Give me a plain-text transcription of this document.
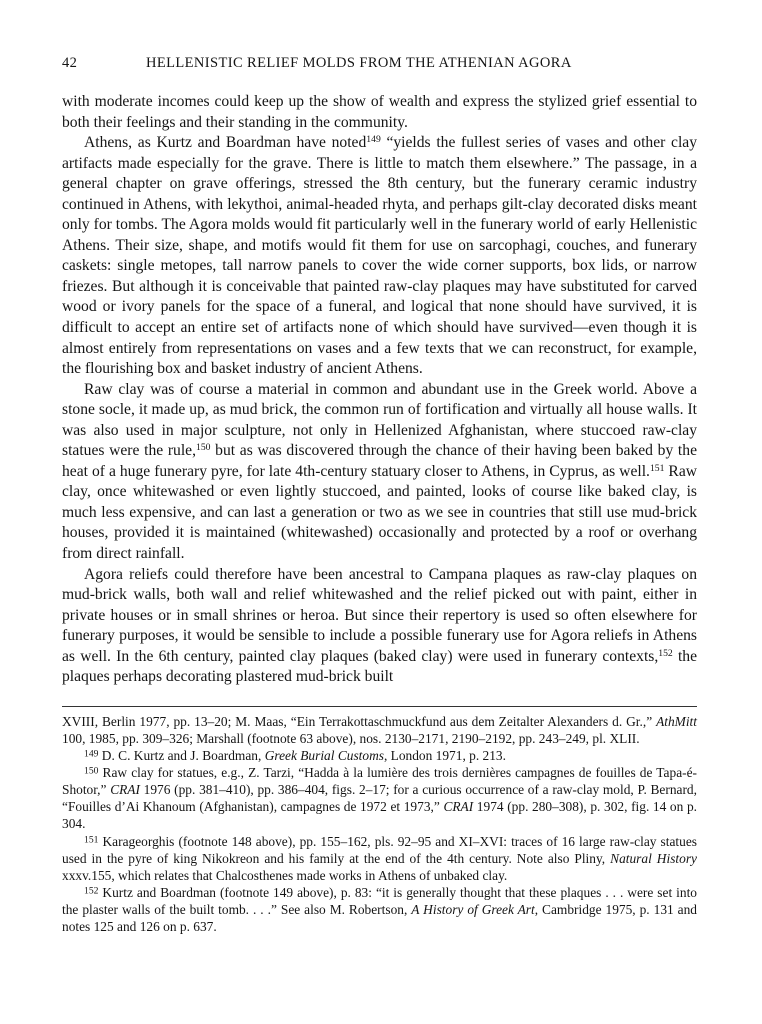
42	HELLENISTIC RELIEF MOLDS FROM THE ATHENIAN AGORA

with moderate incomes could keep up the show of wealth and express the stylized grief essential to both their feelings and their standing in the community.

Athens, as Kurtz and Boardman have noted$^{149}$ “yields the fullest series of vases and other clay artifacts made especially for the grave. There is little to match them elsewhere.” The passage, in a general chapter on grave offerings, stressed the 8th century, but the funerary ceramic industry continued in Athens, with lekythoi, animal-headed rhyta, and perhaps gilt-clay decorated disks meant only for tombs. The Agora molds would fit particularly well in the funerary world of early Hellenistic Athens. Their size, shape, and motifs would fit them for use on sarcophagi, couches, and funerary caskets: single metopes, tall narrow panels to cover the wide corner supports, box lids, or narrow friezes. But although it is conceivable that painted raw-clay plaques may have substituted for carved wood or ivory panels for the space of a funeral, and logical that none should have survived, it is difficult to accept an entire set of artifacts none of which should have survived—even though it is almost entirely from representations on vases and a few texts that we can reconstruct, for example, the flourishing box and basket industry of ancient Athens.

Raw clay was of course a material in common and abundant use in the Greek world. Above a stone socle, it made up, as mud brick, the common run of fortification and virtually all house walls. It was also used in major sculpture, not only in Hellenized Afghanistan, where stuccoed raw-clay statues were the rule,$^{150}$ but as was discovered through the chance of their having been baked by the heat of a huge funerary pyre, for late 4th-century statuary closer to Athens, in Cyprus, as well.$^{151}$ Raw clay, once whitewashed or even lightly stuccoed, and painted, looks of course like baked clay, is much less expensive, and can last a generation or two as we see in countries that still use mud-brick houses, provided it is maintained (whitewashed) occasionally and protected by a roof or overhang from direct rainfall.

Agora reliefs could therefore have been ancestral to Campana plaques as raw-clay plaques on mud-brick walls, both wall and relief whitewashed and the relief picked out with paint, either in private houses or in small shrines or heroa. But since their repertory is used so often elsewhere for funerary purposes, it would be sensible to include a possible funerary use for Agora reliefs in Athens as well. In the 6th century, painted clay plaques (baked clay) were used in funerary contexts,$^{152}$ the plaques perhaps decorating plastered mud-brick built

XVIII, Berlin 1977, pp. 13–20; M. Maas, “Ein Terrakottaschmuckfund aus dem Zeitalter Alexanders d. Gr.,” AthMitt 100, 1985, pp. 309–326; Marshall (footnote 63 above), nos. 2130–2171, 2190–2192, pp. 243–249, pl. XLII.

$^{149}$ D. C. Kurtz and J. Boardman, Greek Burial Customs, London 1971, p. 213.

$^{150}$ Raw clay for statues, e.g., Z. Tarzi, “Hadda à la lumière des trois dernières campagnes de fouilles de Tapa-é-Shotor,” CRAI 1976 (pp. 381–410), pp. 386–404, figs. 2–17; for a curious occurrence of a raw-clay mold, P. Bernard, “Fouilles d’Ai Khanoum (Afghanistan), campagnes de 1972 et 1973,” CRAI 1974 (pp. 280–308), p. 302, fig. 14 on p. 304.

$^{151}$ Karageorghis (footnote 148 above), pp. 155–162, pls. 92–95 and XI–XVI: traces of 16 large raw-clay statues used in the pyre of king Nikokreon and his family at the end of the 4th century. Note also Pliny, Natural History xxxv.155, which relates that Chalcosthenes made works in Athens of unbaked clay.

$^{152}$ Kurtz and Boardman (footnote 149 above), p. 83: “it is generally thought that these plaques . . . were set into the plaster walls of the built tomb. . . .” See also M. Robertson, A History of Greek Art, Cambridge 1975, p. 131 and notes 125 and 126 on p. 637.
